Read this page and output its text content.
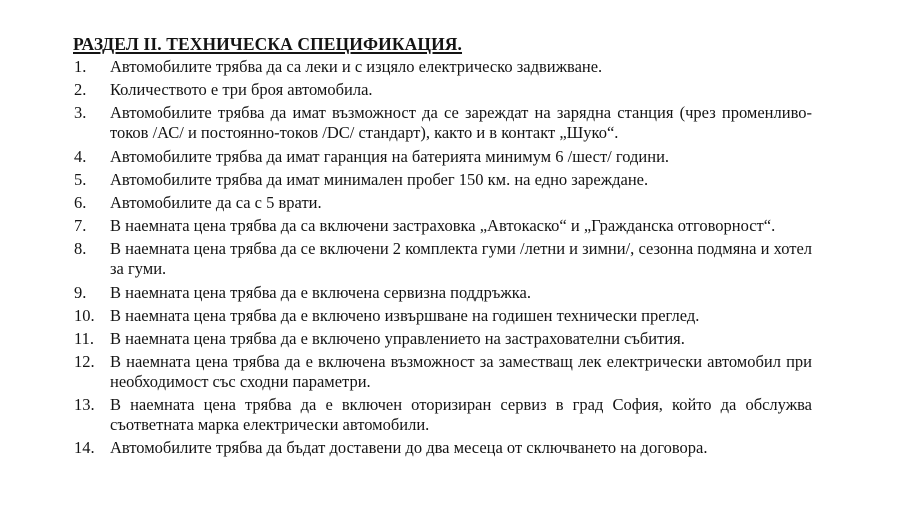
РАЗДЕЛ II. ТЕХНИЧЕСКА СПЕЦИФИКАЦИЯ.
1.	Автомобилите трябва да са леки и с изцяло електрическо задвижване.
2.	Количеството е три броя автомобила.
3.	Автомобилите трябва да имат възможност да се зареждат на зарядна станция (чрез променливо-токов /АС/ и постоянно-токов /DC/ стандарт), както и в контакт „Шуко“.
4.	Автомобилите трябва да имат гаранция на батерията минимум 6 /шест/ години.
5.	Автомобилите трябва да имат минимален пробег 150 км. на едно зареждане.
6.	Автомобилите да са с 5 врати.
7.	В наемната цена трябва да са включени застраховка „Автокаско“ и „Гражданска отговорност“.
8.	В наемната цена трябва да се включени 2 комплекта гуми /летни и зимни/, сезонна подмяна и хотел за гуми.
9.	В наемната цена трябва да е включена сервизна поддръжка.
10. В наемната цена трябва да е включено извършване на годишен технически преглед.
11. В наемната цена трябва да е включено управлението на застрахователни събития.
12. В наемната цена трябва да е включена възможност за заместващ лек електрически автомобил при необходимост със сходни параметри.
13. В наемната цена трябва да е включен оторизиран сервиз в град София, който да обслужва съответната марка електрически автомобили.
14. Автомобилите трябва да бъдат доставени до два месеца от сключването на договора.
